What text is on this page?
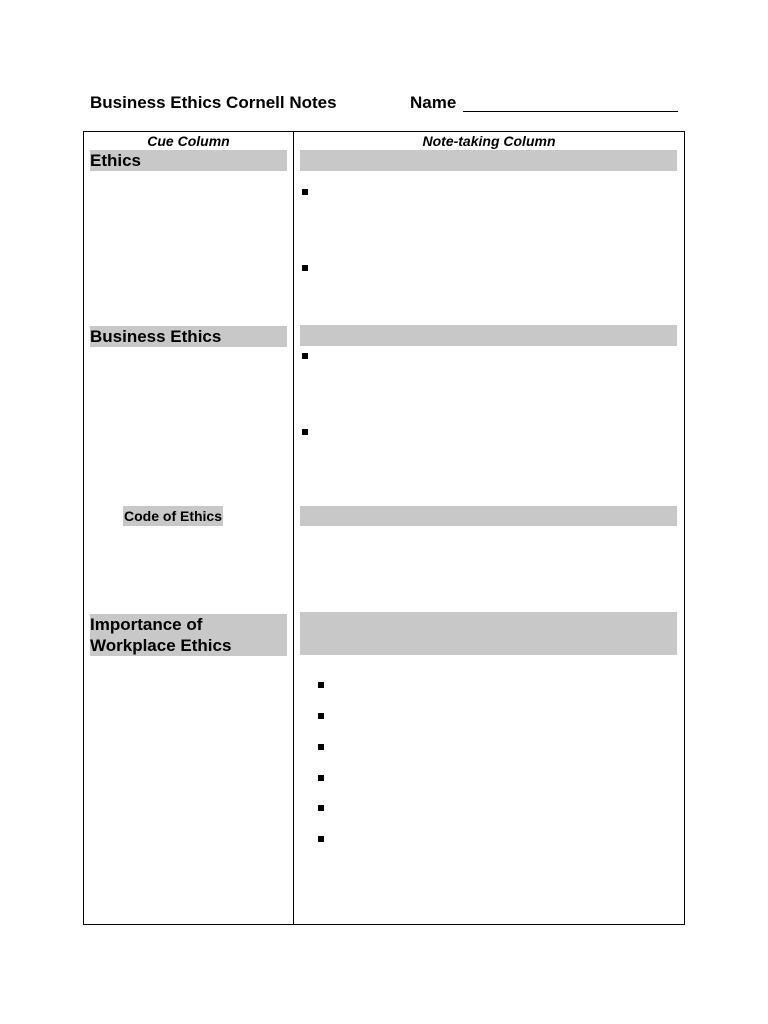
Business Ethics Cornell Notes	Name
Cue Column	Note-taking Column
Ethics
Business Ethics
Code of Ethics
Importance of
Workplace Ethics
